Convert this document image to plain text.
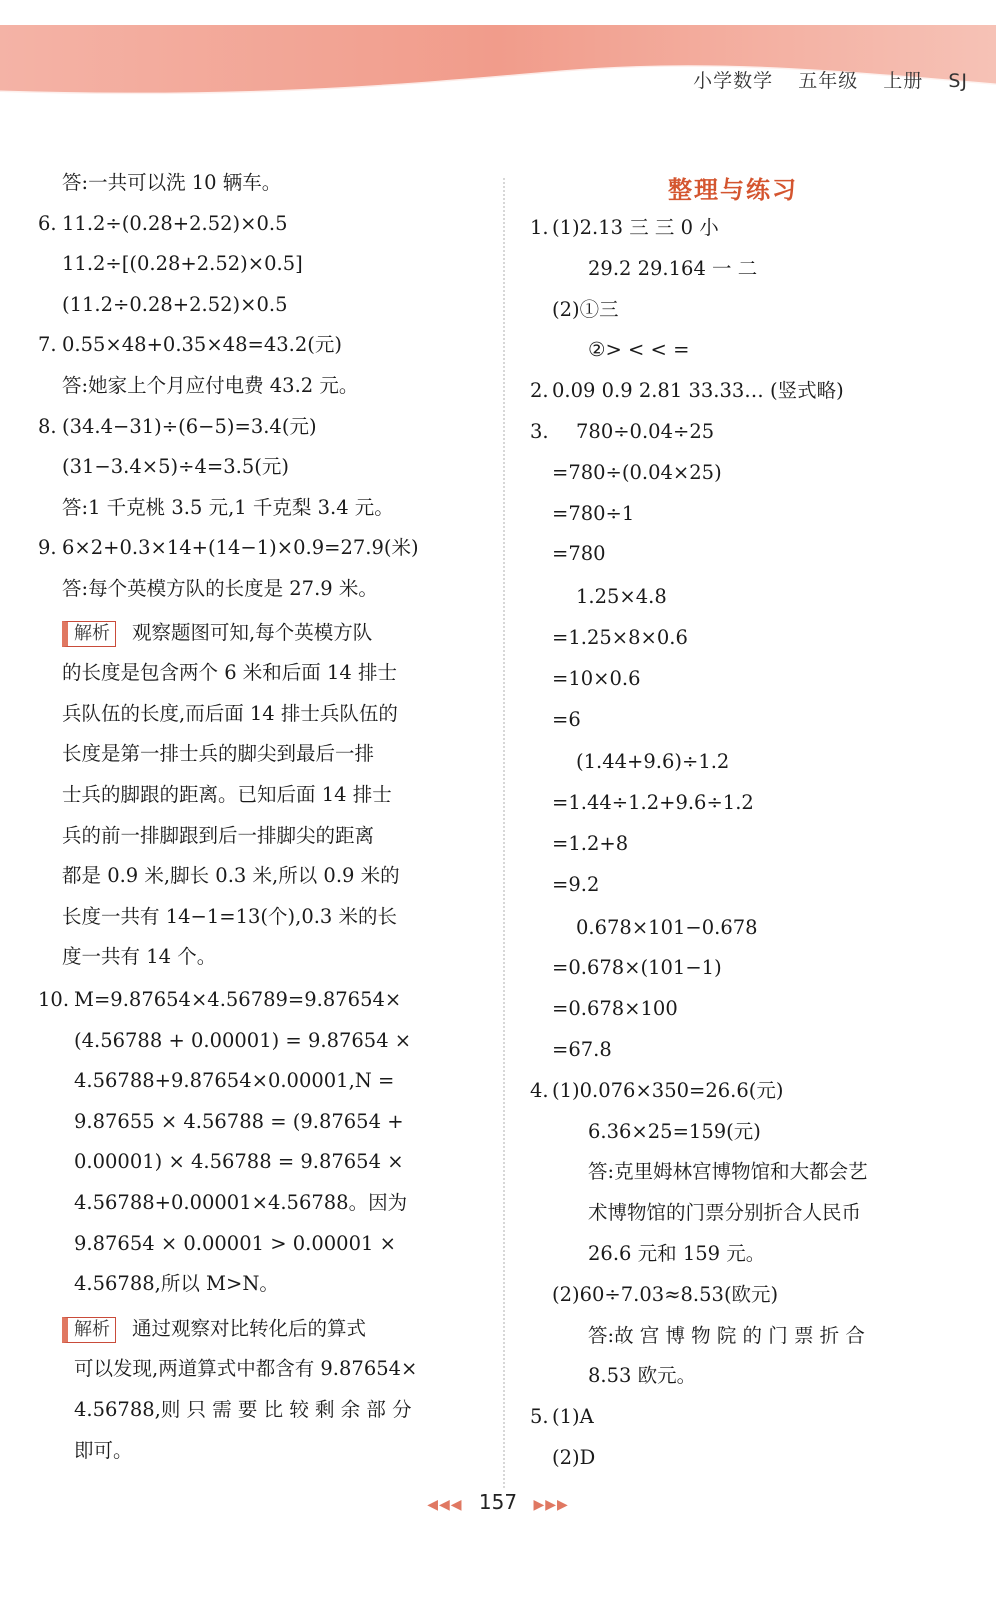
小学数学 五年级 上册 SJ
整理与练习
答:一共可以洗 10 辆车。
6. 11.2÷(0.28+2.52)×0.5
11.2÷[(0.28+2.52)×0.5]
(11.2÷0.28+2.52)×0.5
7. 0.55×48+0.35×48=43.2(元)
答:她家上个月应付电费 43.2 元。
8. (34.4−31)÷(6−5)=3.4(元)
(31−3.4×5)÷4=3.5(元)
答:1 千克桃 3.5 元,1 千克梨 3.4 元。
9. 6×2+0.3×14+(14−1)×0.9=27.9(米)
答:每个英模方队的长度是 27.9 米。
解析 观察题图可知,每个英模方队
的长度是包含两个 6 米和后面 14 排士
兵队伍的长度,而后面 14 排士兵队伍的
长度是第一排士兵的脚尖到最后一排
士兵的脚跟的距离。已知后面 14 排士
兵的前一排脚跟到后一排脚尖的距离
都是 0.9 米,脚长 0.3 米,所以 0.9 米的
长度一共有 14−1=13(个),0.3 米的长
度一共有 14 个。
10. M=9.87654×4.56789=9.87654×
(4.56788 + 0.00001) = 9.87654 ×
4.56788+9.87654×0.00001,N =
9.87655 × 4.56788 = (9.87654 +
0.00001) × 4.56788 = 9.87654 ×
4.56788+0.00001×4.56788。因为
9.87654 × 0.00001 > 0.00001 ×
4.56788,所以 M>N。
解析 通过观察对比转化后的算式
可以发现,两道算式中都含有 9.87654×
4.56788,则 只 需 要 比 较 剩 余 部 分
即可。
1. (1)2.13 三 三 0 小
29.2 29.164 一 二
(2)①三
②> < < =
2. 0.09 0.9 2.81 33.33… (竖式略)
3. 780÷0.04÷25
=780÷(0.04×25)
=780÷1
=780
1.25×4.8
=1.25×8×0.6
=10×0.6
=6
(1.44+9.6)÷1.2
=1.44÷1.2+9.6÷1.2
=1.2+8
=9.2
0.678×101−0.678
=0.678×(101−1)
=0.678×100
=67.8
4. (1)0.076×350=26.6(元)
6.36×25=159(元)
答:克里姆林宫博物馆和大都会艺
术博物馆的门票分别折合人民币
26.6 元和 159 元。
(2)60÷7.03≈8.53(欧元)
答:故 宫 博 物 院 的 门 票 折 合
8.53 欧元。
5. (1)A
(2)D
◀◀◀ 157 ▶▶▶
